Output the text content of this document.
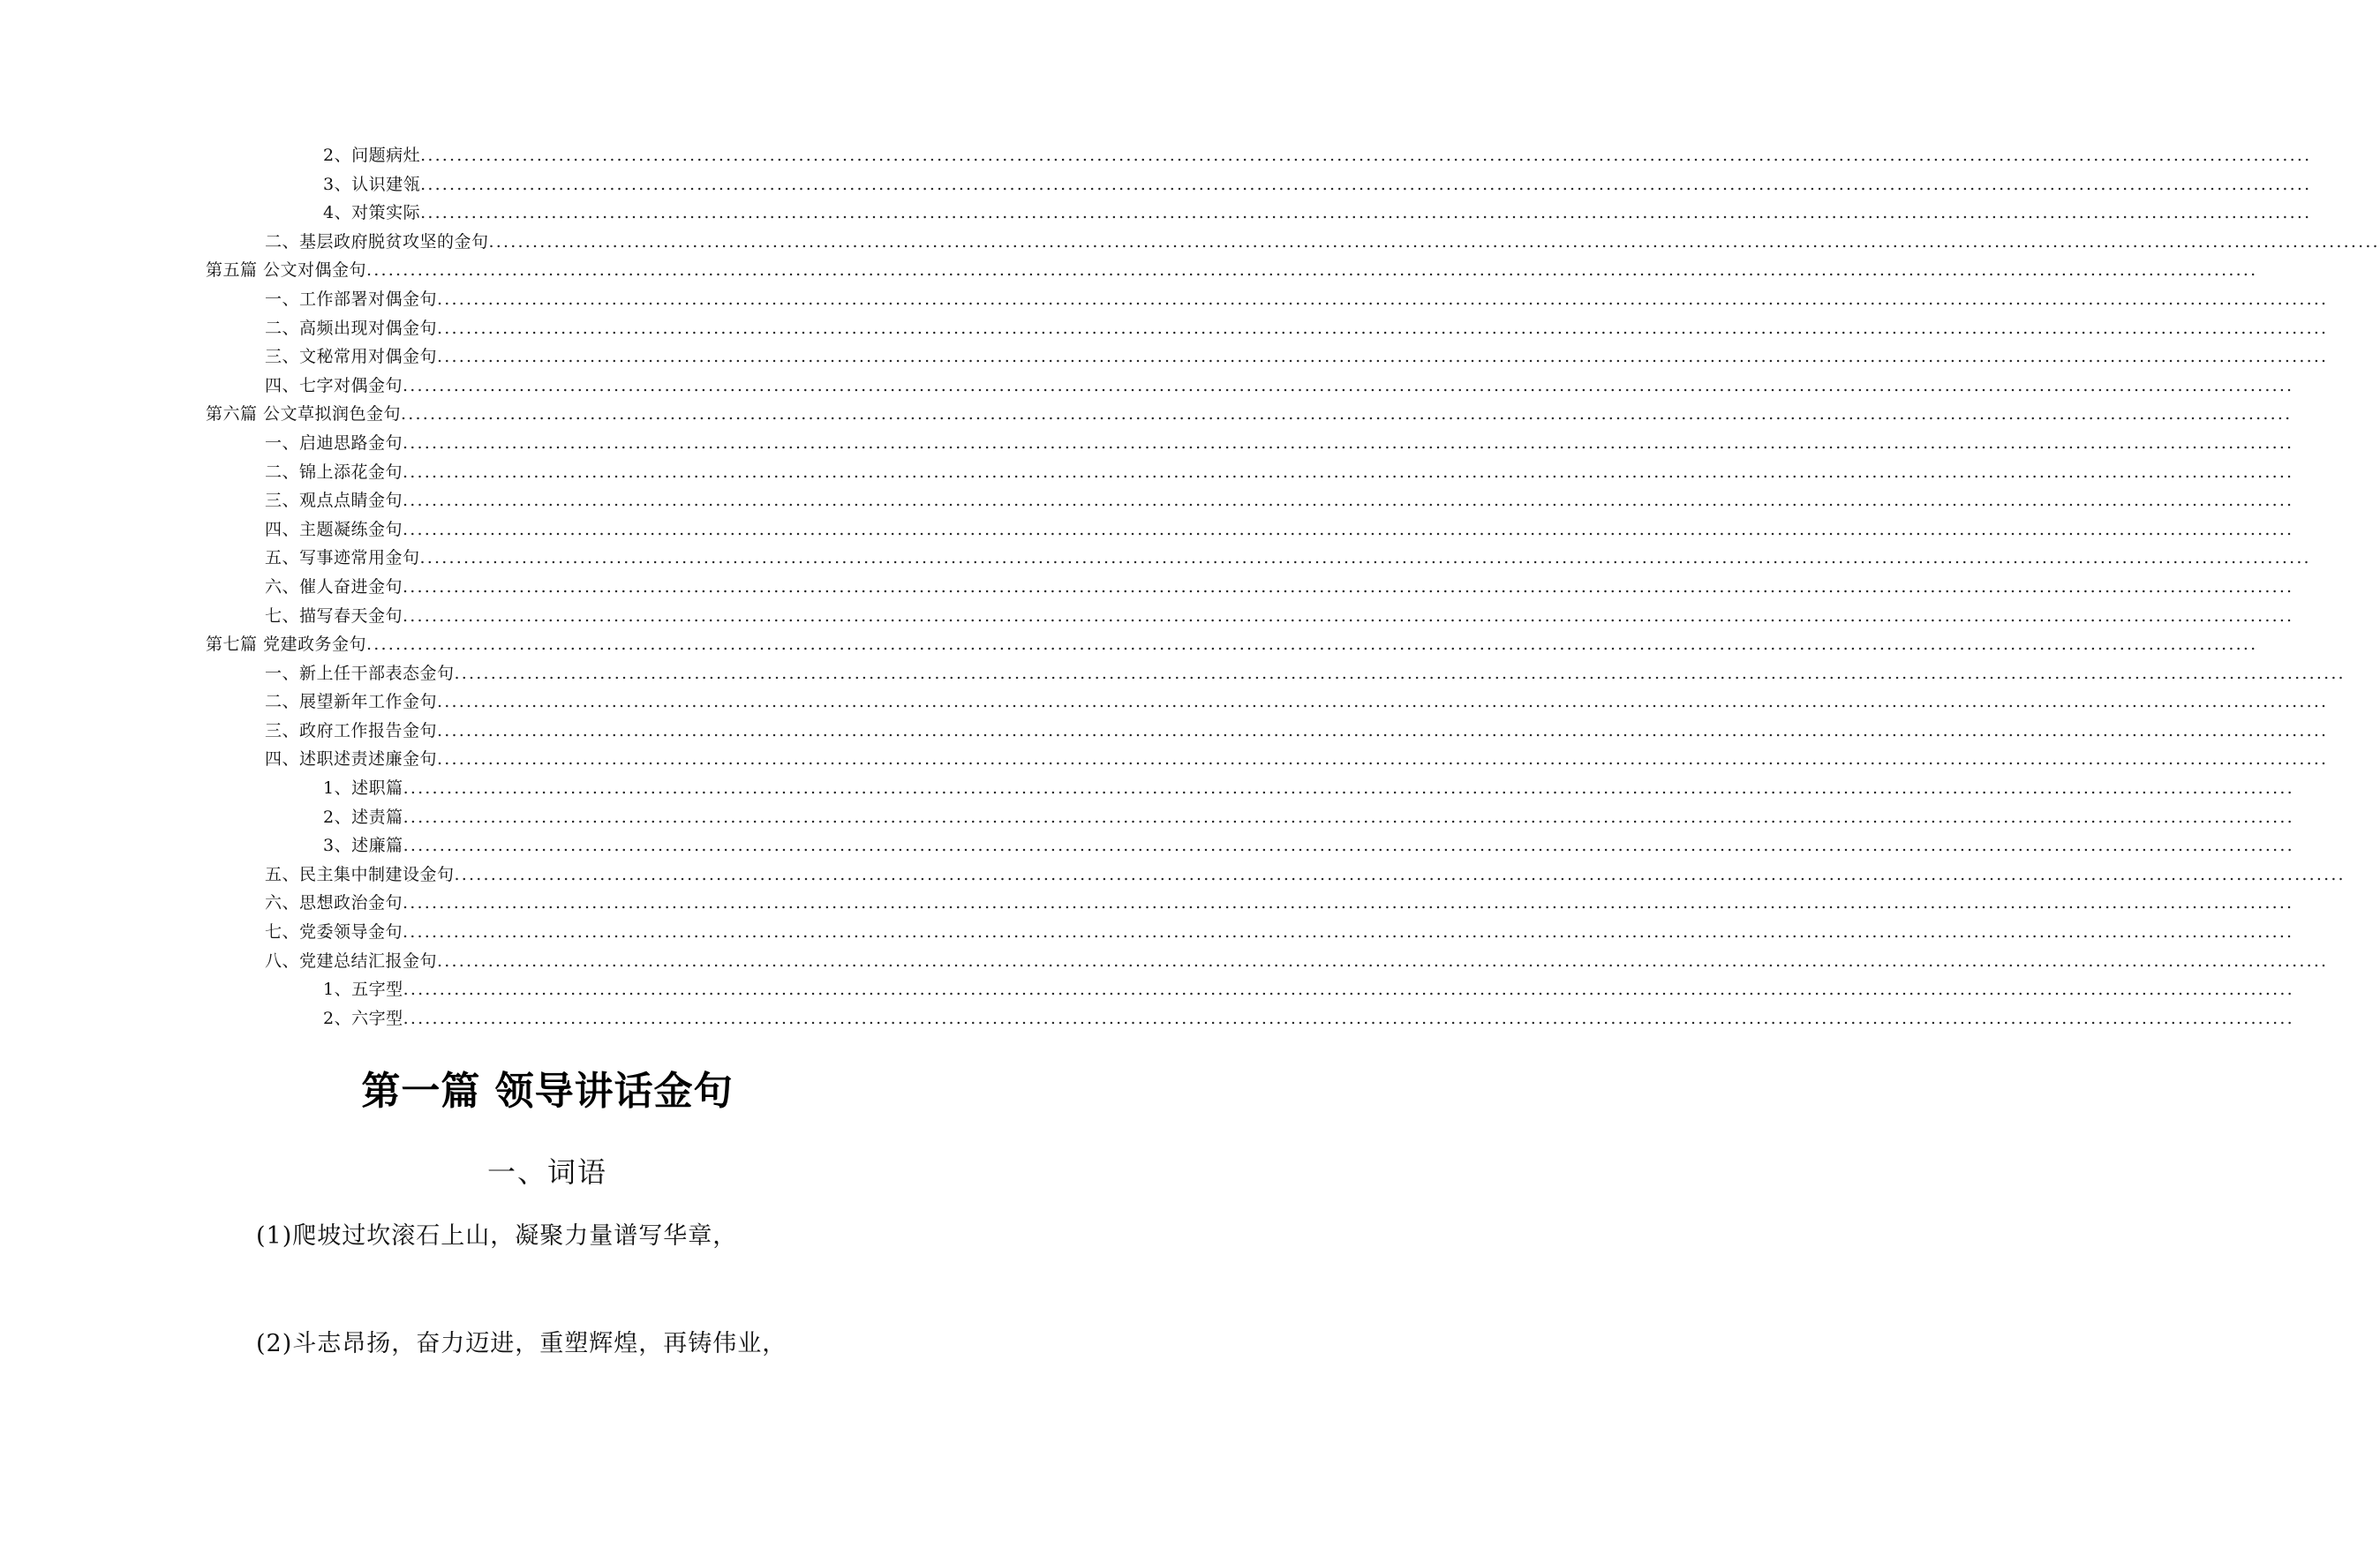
2、问题病灶....................................................................................................................................................................................................................................................................
3、认识建瓴....................................................................................................................................................................................................................................................................
4、对策实际....................................................................................................................................................................................................................................................................
二、基层政府脱贫攻坚的金句....................................................................................................................................................................................................................................................................
第五篇 公文对偶金句....................................................................................................................................................................................................................................................................
一、工作部署对偶金句....................................................................................................................................................................................................................................................................
二、高频出现对偶金句....................................................................................................................................................................................................................................................................
三、文秘常用对偶金句....................................................................................................................................................................................................................................................................
四、七字对偶金句....................................................................................................................................................................................................................................................................
第六篇 公文草拟润色金句....................................................................................................................................................................................................................................................................
一、启迪思路金句....................................................................................................................................................................................................................................................................
二、锦上添花金句....................................................................................................................................................................................................................................................................
三、观点点睛金句....................................................................................................................................................................................................................................................................
四、主题凝练金句....................................................................................................................................................................................................................................................................
五、写事迹常用金句....................................................................................................................................................................................................................................................................
六、催人奋进金句....................................................................................................................................................................................................................................................................
七、描写春天金句....................................................................................................................................................................................................................................................................
第七篇 党建政务金句....................................................................................................................................................................................................................................................................
一、新上任干部表态金句....................................................................................................................................................................................................................................................................
二、展望新年工作金句....................................................................................................................................................................................................................................................................
三、政府工作报告金句....................................................................................................................................................................................................................................................................
四、述职述责述廉金句....................................................................................................................................................................................................................................................................
1、述职篇....................................................................................................................................................................................................................................................................
2、述责篇....................................................................................................................................................................................................................................................................
3、述廉篇....................................................................................................................................................................................................................................................................
五、民主集中制建设金句....................................................................................................................................................................................................................................................................
六、思想政治金句....................................................................................................................................................................................................................................................................
七、党委领导金句....................................................................................................................................................................................................................................................................
八、党建总结汇报金句....................................................................................................................................................................................................................................................................
1、五字型....................................................................................................................................................................................................................................................................
2、六字型....................................................................................................................................................................................................................................................................
第一篇 领导讲话金句
一、词语
(1)爬坡过坎滚石上山，凝聚力量谱写华章，
(2)斗志昂扬，奋力迈进，重塑辉煌，再铸伟业，
